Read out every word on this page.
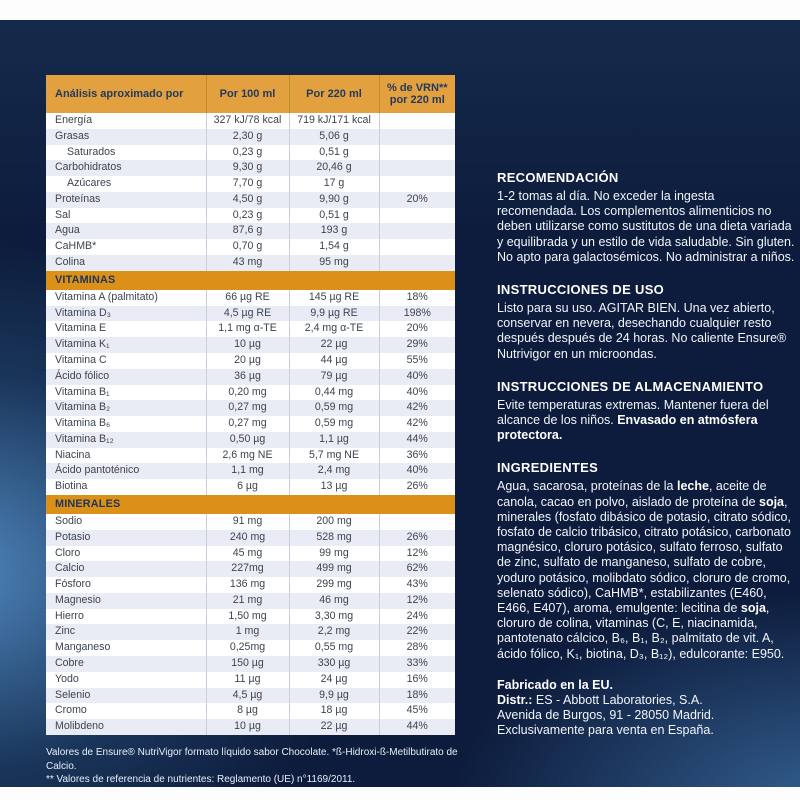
Análisis aproximado por	Por 100 ml	Por 220 ml	% de VRN** por 220 ml
Energía	327 kJ/78 kcal	719 kJ/171 kcal	
Grasas	2,30 g	5,06 g	
Saturados	0,23 g	0,51 g	
Carbohidratos	9,30 g	20,46 g	
Azúcares	7,70 g	17 g	
Proteínas	4,50 g	9,90 g	20%
Sal	0,23 g	0,51 g	
Agua	87,6 g	193 g	
CaHMB*	0,70 g	1,54 g	
Colina	43 mg	95 mg	
VITAMINAS			
Vitamina A (palmitato)	66 µg RE	145 µg RE	18%
Vitamina D₃	4,5 µg RE	9,9 µg RE	198%
Vitamina E	1,1 mg α-TE	2,4 mg α-TE	20%
Vitamina K₁	10 µg	22 µg	29%
Vitamina C	20 µg	44 µg	55%
Ácido fólico	36 µg	79 µg	40%
Vitamina B₁	0,20 mg	0,44 mg	40%
Vitamina B₂	0,27 mg	0,59 mg	42%
Vitamina B₆	0,27 mg	0,59 mg	42%
Vitamina B₁₂	0,50 µg	1,1 µg	44%
Niacina	2,6 mg NE	5,7 mg NE	36%
Ácido pantoténico	1,1 mg	2,4 mg	40%
Biotina	6 µg	13 µg	26%
MINERALES			
Sodio	91 mg	200 mg	
Potasio	240 mg	528 mg	26%
Cloro	45 mg	99 mg	12%
Calcio	227mg	499 mg	62%
Fósforo	136 mg	299 mg	43%
Magnesio	21 mg	46 mg	12%
Hierro	1,50 mg	3,30 mg	24%
Zinc	1 mg	2,2 mg	22%
Manganeso	0,25mg	0,55 mg	28%
Cobre	150 µg	330 µg	33%
Yodo	11 µg	24 µg	16%
Selenio	4,5 µg	9,9 µg	18%
Cromo	8 µg	18 µg	45%
Molibdeno	10 µg	22 µg	44%
Valores de Ensure® NutriVigor formato líquido sabor Chocolate. *ß-Hidroxi-ß-Metilbutirato de Calcio.
** Valores de referencia de nutrientes: Reglamento (UE) n°1169/2011.
RECOMENDACIÓN
1-2 tomas al día. No exceder la ingesta recomendada. Los complementos alimenticios no deben utilizarse como sustitutos de una dieta variada y equilibrada y un estilo de vida saludable. Sin gluten. No apto para galactosémicos. No administrar a niños.
INSTRUCCIONES DE USO
Listo para su uso. AGITAR BIEN. Una vez abierto, conservar en nevera, desechando cualquier resto después después de 24 horas. No caliente Ensure® Nutrivigor en un microondas.
INSTRUCCIONES DE ALMACENAMIENTO
Evite temperaturas extremas. Mantener fuera del alcance de los niños. Envasado en atmósfera protectora.
INGREDIENTES
Agua, sacarosa, proteínas de la leche, aceite de canola, cacao en polvo, aislado de proteína de soja, minerales (fosfato dibásico de potasio, citrato sódico, fosfato de calcio tribásico, citrato potásico, carbonato magnésico, cloruro potásico, sulfato ferroso, sulfato de zinc, sulfato de manganeso, sulfato de cobre, yoduro potásico, molibdato sódico, cloruro de cromo, selenato sódico), CaHMB*, estabilizantes (E460, E466, E407), aroma, emulgente: lecitina de soja, cloruro de colina, vitaminas (C, E, niacinamida, pantotenato cálcico, B₆, B₁, B₂, palmitato de vit. A, ácido fólico, K₁, biotina, D₃, B₁₂), edulcorante: E950.
Fabricado en la EU.
Distr.: ES - Abbott Laboratories, S.A.
Avenida de Burgos, 91 - 28050 Madrid.
Exclusivamente para venta en España.
